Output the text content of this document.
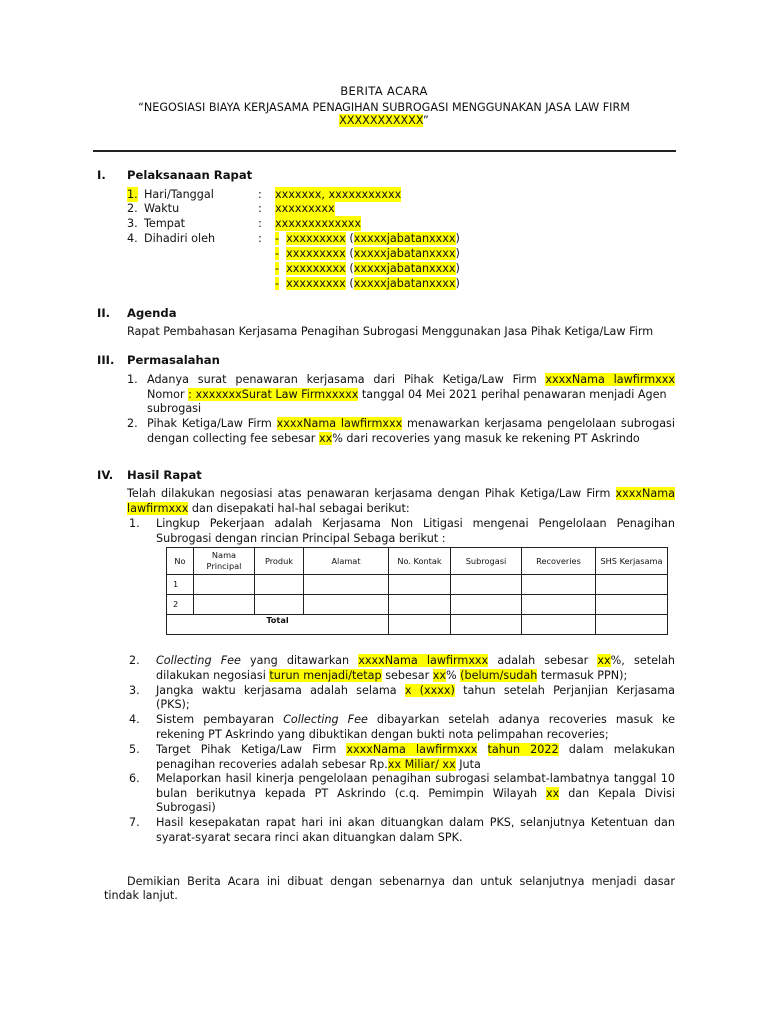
BERITA ACARA
“NEGOSIASI BIAYA KERJASAMA PENAGIHAN SUBROGASI MENGGUNAKAN JASA LAW FIRM
XXXXXXXXXXX”
I. Pelaksanaan Rapat
1. Hari/Tanggal	: xxxxxxx, xxxxxxxxxxx
2. Waktu	: xxxxxxxxx
3. Tempat	: xxxxxxxxxxxxx
4. Dihadiri oleh	: - xxxxxxxxx (xxxxxjabatanxxxx)
- xxxxxxxxx (xxxxxjabatanxxxx)
- xxxxxxxxx (xxxxxjabatanxxxx)
- xxxxxxxxx (xxxxxjabatanxxxx)
II. Agenda
Rapat Pembahasan Kerjasama Penagihan Subrogasi Menggunakan Jasa Pihak Ketiga/Law Firm
III. Permasalahan
1. Adanya surat penawaran kerjasama dari Pihak Ketiga/Law Firm xxxxNama lawfirmxxx
Nomor : xxxxxxxSurat Law Firmxxxxx tanggal 04 Mei 2021 perihal penawaran menjadi Agen
subrogasi
2. Pihak Ketiga/Law Firm xxxxNama lawfirmxxx menawarkan kerjasama pengelolaan subrogasi
dengan collecting fee sebesar xx% dari recoveries yang masuk ke rekening PT Askrindo
IV. Hasil Rapat
Telah dilakukan negosiasi atas penawaran kerjasama dengan Pihak Ketiga/Law Firm xxxxNama
lawfirmxxx dan disepakati hal-hal sebagai berikut:
1. Lingkup Pekerjaan adalah Kerjasama Non Litigasi mengenai Pengelolaan Penagihan
Subrogasi dengan rincian Principal Sebaga berikut :
No	Nama Principal	Produk	Alamat	No. Kontak	Subrogasi	Recoveries	SHS Kerjasama
1							
2							
Total							
2. Collecting Fee yang ditawarkan xxxxNama lawfirmxxx adalah sebesar xx%, setelah
dilakukan negosiasi turun menjadi/tetap sebesar xx% (belum/sudah termasuk PPN);
3. Jangka waktu kerjasama adalah selama x (xxxx) tahun setelah Perjanjian Kerjasama
(PKS);
4. Sistem pembayaran Collecting Fee dibayarkan setelah adanya recoveries masuk ke
rekening PT Askrindo yang dibuktikan dengan bukti nota pelimpahan recoveries;
5. Target Pihak Ketiga/Law Firm xxxxNama lawfirmxxx tahun 2022 dalam melakukan
penagihan recoveries adalah sebesar Rp.xx Miliar/ xx Juta
6. Melaporkan hasil kinerja pengelolaan penagihan subrogasi selambat-lambatnya tanggal 10
bulan berikutnya kepada PT Askrindo (c.q. Pemimpin Wilayah xx dan Kepala Divisi
Subrogasi)
7. Hasil kesepakatan rapat hari ini akan dituangkan dalam PKS, selanjutnya Ketentuan dan
syarat-syarat secara rinci akan dituangkan dalam SPK.
Demikian Berita Acara ini dibuat dengan sebenarnya dan untuk selanjutnya menjadi dasar
tindak lanjut.
